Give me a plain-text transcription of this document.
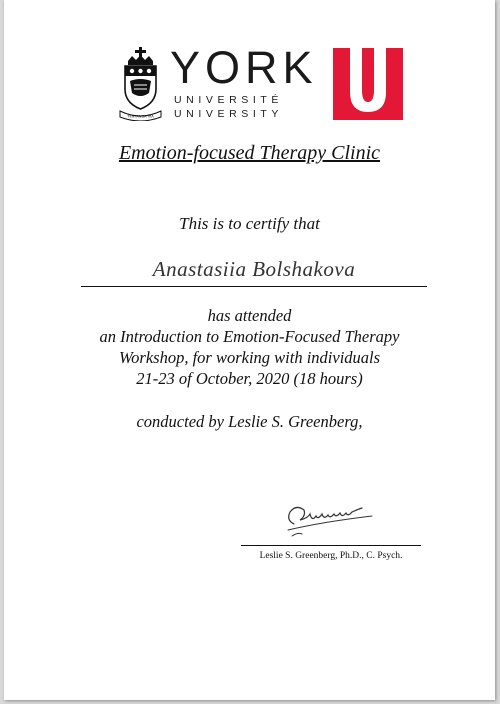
TENTANDA VIA
YORK
UNIVERSITÉ
UNIVERSITY
Emotion-focused Therapy Clinic
This is to certify that
Anastasiia Bolshakova
has attended
an Introduction to Emotion-Focused Therapy
Workshop, for working with individuals
21-23 of October, 2020 (18 hours)
conducted by Leslie S. Greenberg,
Leslie S. Greenberg, Ph.D., C. Psych.
